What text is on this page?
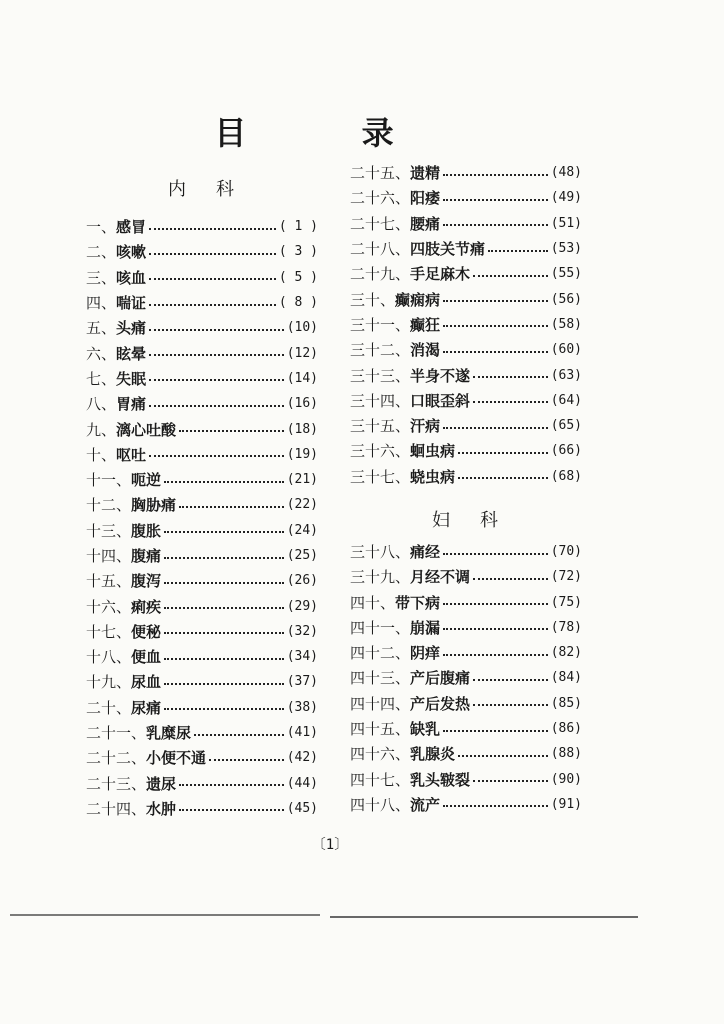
目 录
内科
一、 感冒	( 1 )
二、 咳嗽	( 3 )
三、 咳血	( 5 )
四、 喘证	( 8 )
五、 头痛	(10)
六、 眩晕	(12)
七、 失眠	(14)
八、 胃痛	(16)
九、 漓心吐酸	(18)
十、 呕吐	(19)
十一、 呃逆	(21)
十二、 胸胁痛	(22)
十三、 腹胀	(24)
十四、 腹痛	(25)
十五、 腹泻	(26)
十六、 痢疾	(29)
十七、 便秘	(32)
十八、 便血	(34)
十九、 尿血	(37)
二十、 尿痛	(38)
二十一、 乳糜尿	(41)
二十二、 小便不通	(42)
二十三、 遗尿	(44)
二十四、 水肿	(45)
二十五、 遗精	(48)
二十六、 阳痿	(49)
二十七、 腰痛	(51)
二十八、 四肢关节痛	(53)
二十九、 手足麻木	(55)
三十、 癫痫病	(56)
三十一、 癫狂	(58)
三十二、 消渴	(60)
三十三、 半身不遂	(63)
三十四、 口眼歪斜	(64)
三十五、 汗病	(65)
三十六、 蛔虫病	(66)
三十七、 蛲虫病	(68)
妇科
三十八、 痛经	(70)
三十九、 月经不调	(72)
四十、 带下病	(75)
四十一、 崩漏	(78)
四十二、 阴痒	(82)
四十三、 产后腹痛	(84)
四十四、 产后发热	(85)
四十五、 缺乳	(86)
四十六、 乳腺炎	(88)
四十七、 乳头皲裂	(90)
四十八、 流产	(91)
〔1〕
